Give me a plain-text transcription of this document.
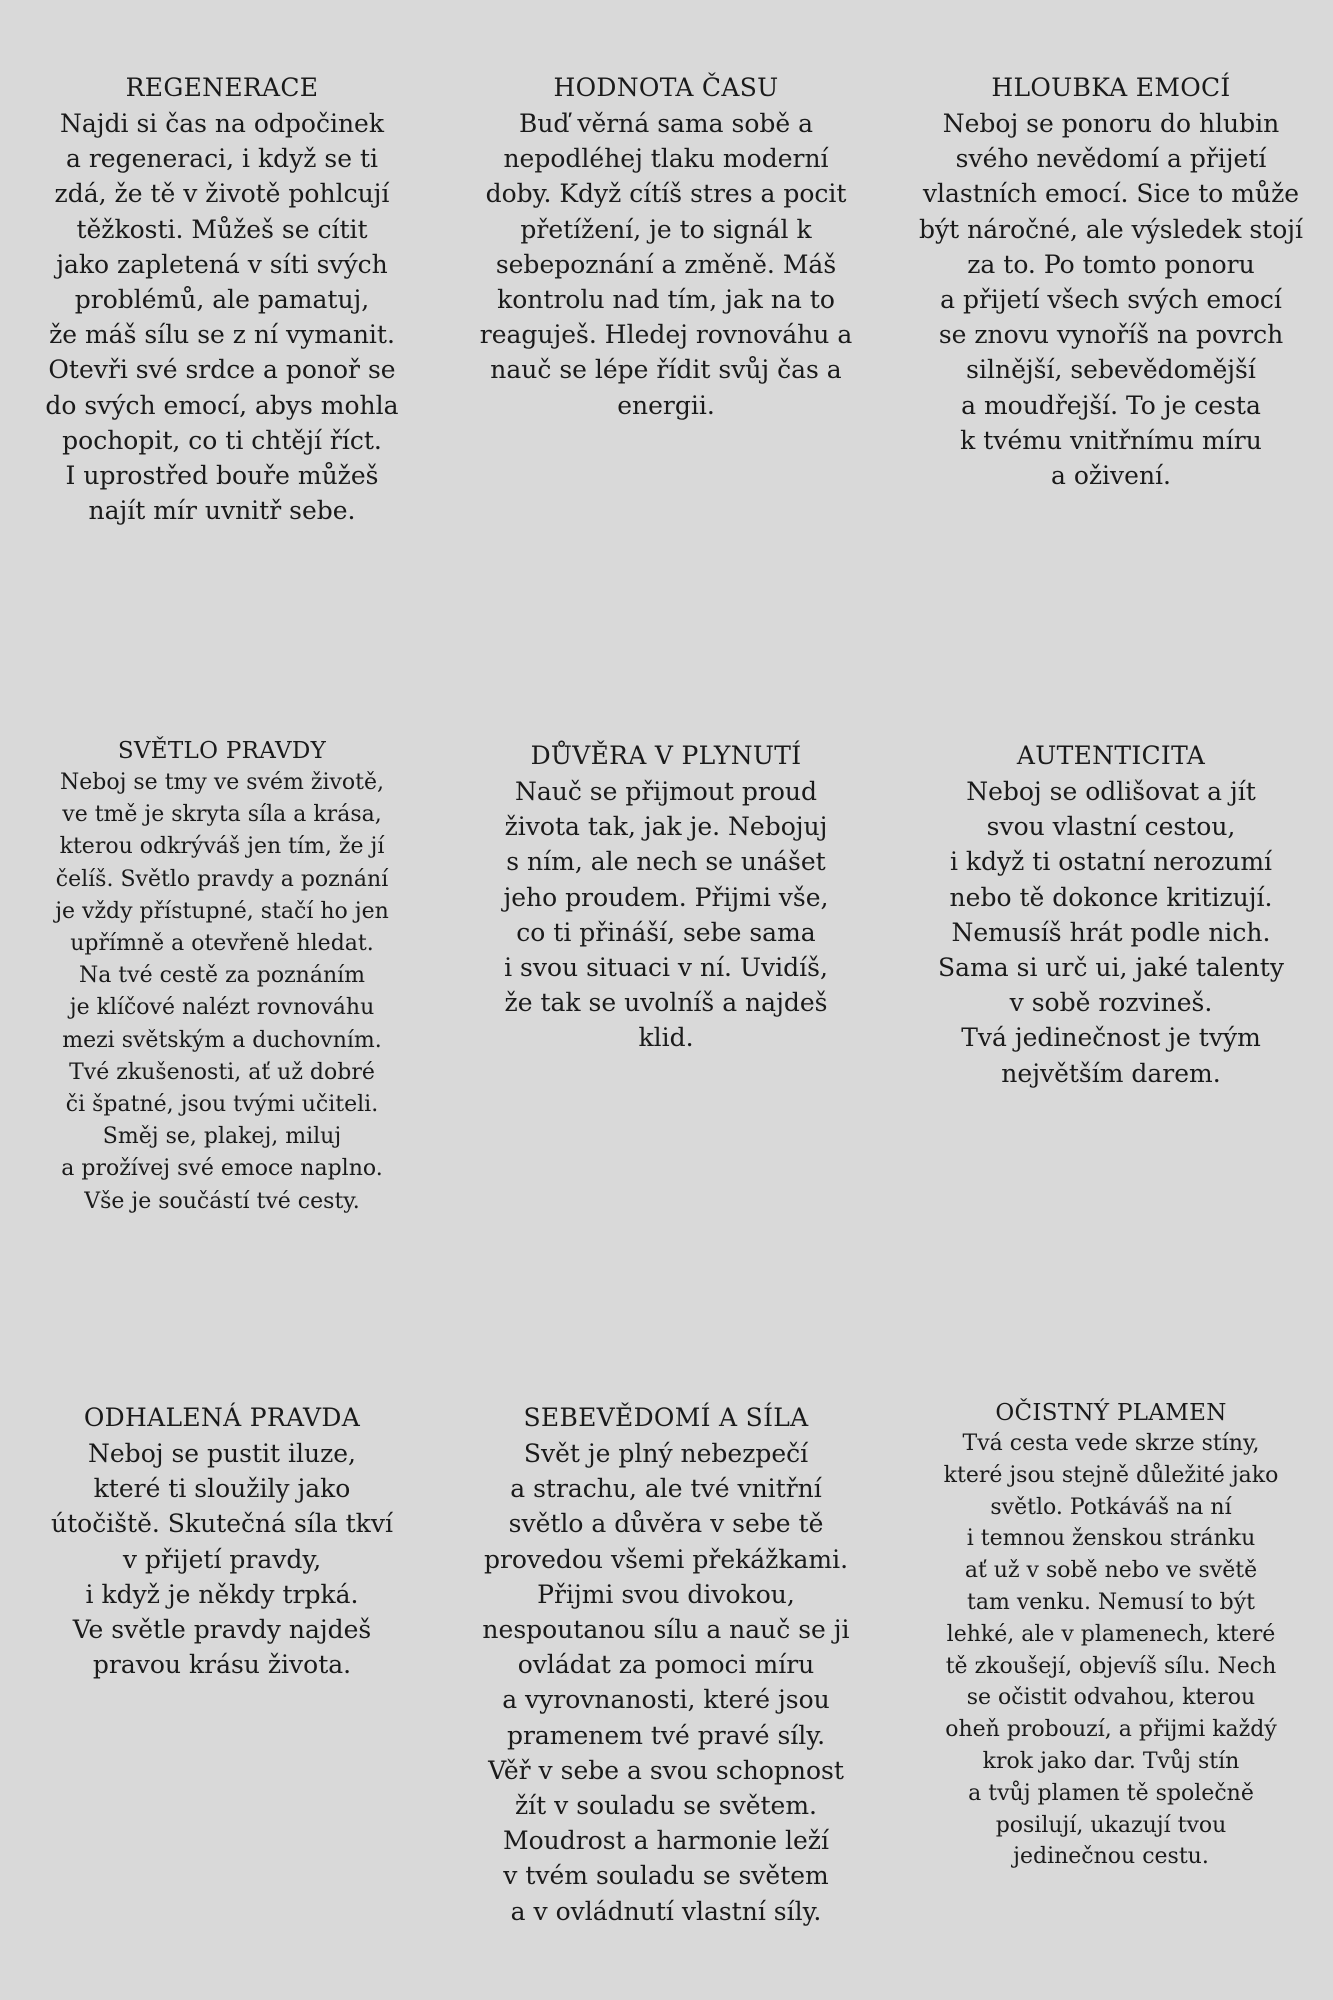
REGENERACE
Najdi si čas na odpočinek
a regeneraci, i když se ti
zdá, že tě v životě pohlcují
těžkosti. Můžeš se cítit
jako zapletená v síti svých
problémů, ale pamatuj,
že máš sílu se z ní vymanit.
Otevři své srdce a ponoř se
do svých emocí, abys mohla
pochopit, co ti chtějí říct.
I uprostřed bouře můžeš
najít mír uvnitř sebe.
HODNOTA ČASU
Buď věrná sama sobě a
nepodléhej tlaku moderní
doby. Když cítíš stres a pocit
přetížení, je to signál k
sebepoznání a změně. Máš
kontrolu nad tím, jak na to
reaguješ. Hledej rovnováhu a
nauč se lépe řídit svůj čas a
energii.
HLOUBKA EMOCÍ
Neboj se ponoru do hlubin
svého nevědomí a přijetí
vlastních emocí. Sice to může
být náročné, ale výsledek stojí
za to. Po tomto ponoru
a přijetí všech svých emocí
se znovu vynoříš na povrch
silnější, sebevědomější
a moudřejší. To je cesta
k tvému vnitřnímu míru
a oživení.
SVĚTLO PRAVDY
Neboj se tmy ve svém životě,
ve tmě je skryta síla a krása,
kterou odkrýváš jen tím, že jí
čelíš. Světlo pravdy a poznání
je vždy přístupné, stačí ho jen
upřímně a otevřeně hledat.
Na tvé cestě za poznáním
je klíčové nalézt rovnováhu
mezi světským a duchovním.
Tvé zkušenosti, ať už dobré
či špatné, jsou tvými učiteli.
Směj se, plakej, miluj
a prožívej své emoce naplno.
Vše je součástí tvé cesty.
DŮVĚRA V PLYNUTÍ
Nauč se přijmout proud
života tak, jak je. Nebojuj
s ním, ale nech se unášet
jeho proudem. Přijmi vše,
co ti přináší, sebe sama
i svou situaci v ní. Uvidíš,
že tak se uvolníš a najdeš
klid.
AUTENTICITA
Neboj se odlišovat a jít
svou vlastní cestou,
i když ti ostatní nerozumí
nebo tě dokonce kritizují.
Nemusíš hrát podle nich.
Sama si urč ui, jaké talenty
v sobě rozvineš.
Tvá jedinečnost je tvým
největším darem.
ODHALENÁ PRAVDA
Neboj se pustit iluze,
které ti sloužily jako
útočiště. Skutečná síla tkví
v přijetí pravdy,
i když je někdy trpká.
Ve světle pravdy najdeš
pravou krásu života.
SEBEVĚDOMÍ A SÍLA
Svět je plný nebezpečí
a strachu, ale tvé vnitřní
světlo a důvěra v sebe tě
provedou všemi překážkami.
Přijmi svou divokou,
nespoutanou sílu a nauč se ji
ovládat za pomoci míru
a vyrovnanosti, které jsou
pramenem tvé pravé síly.
Věř v sebe a svou schopnost
žít v souladu se světem.
Moudrost a harmonie leží
v tvém souladu se světem
a v ovládnutí vlastní síly.
OČISTNÝ PLAMEN
Tvá cesta vede skrze stíny,
které jsou stejně důležité jako
světlo. Potkáváš na ní
i temnou ženskou stránku
ať už v sobě nebo ve světě
tam venku. Nemusí to být
lehké, ale v plamenech, které
tě zkoušejí, objevíš sílu. Nech
se očistit odvahou, kterou
oheň probouzí, a přijmi každý
krok jako dar. Tvůj stín
a tvůj plamen tě společně
posilují, ukazují tvou
jedinečnou cestu.
